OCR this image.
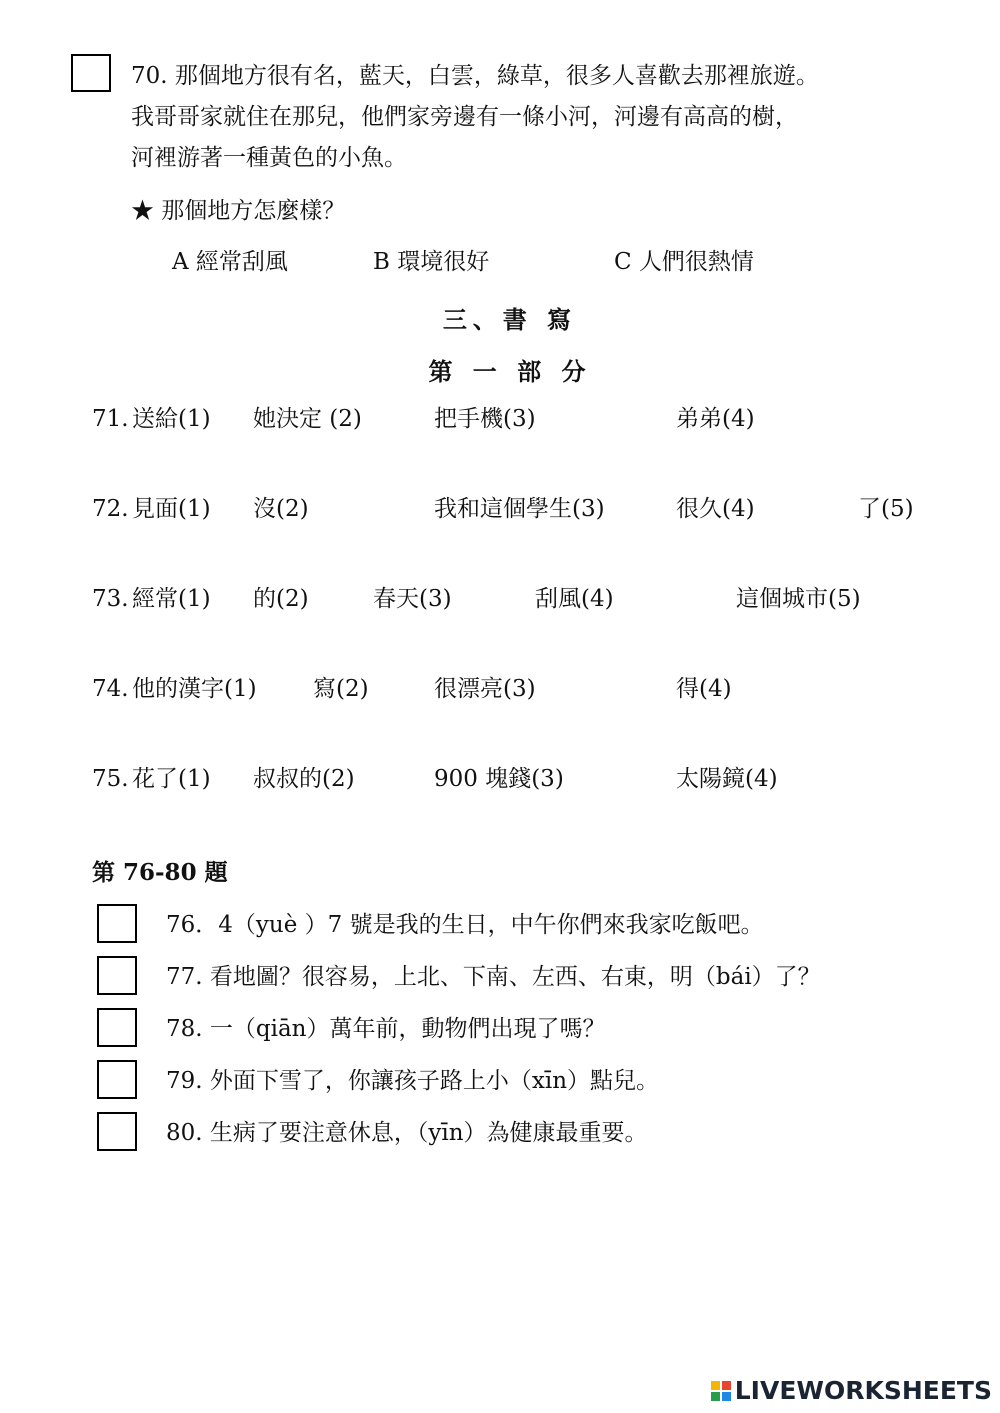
70. 那個地方很有名，藍天，白雲，綠草，很多人喜歡去那裡旅遊。
我哥哥家就住在那兒，他們家旁邊有一條小河，河邊有高高的樹，
河裡游著一種黃色的小魚。
★ 那個地方怎麼樣？
A 經常刮風	B 環境很好	C 人們很熱情
三、書 寫
第 一 部 分
71. 送給(1) 她決定 (2)	把手機(3)	弟弟(4)
72. 見面(1) 沒(2)	我和這個學生(3)	很久(4)	了(5)
73. 經常(1) 的(2)	春天(3)	刮風(4)	這個城市(5)
74. 他的漢字(1) 寫(2)	很漂亮(3)	得(4)
75. 花了(1) 叔叔的(2)	900 塊錢(3)	太陽鏡(4)
第 76-80 題
76．4（yuè ）7 號是我的生日，中午你們來我家吃飯吧。
77. 看地圖？很容易，上北、下南、左西、右東，明（bái）了？
78. 一（qiān）萬年前，動物們出現了嗎？
79. 外面下雪了，你讓孩子路上小（xīn）點兒。
80. 生病了要注意休息，（yīn）為健康最重要。
LIVEWORKSHEETS
